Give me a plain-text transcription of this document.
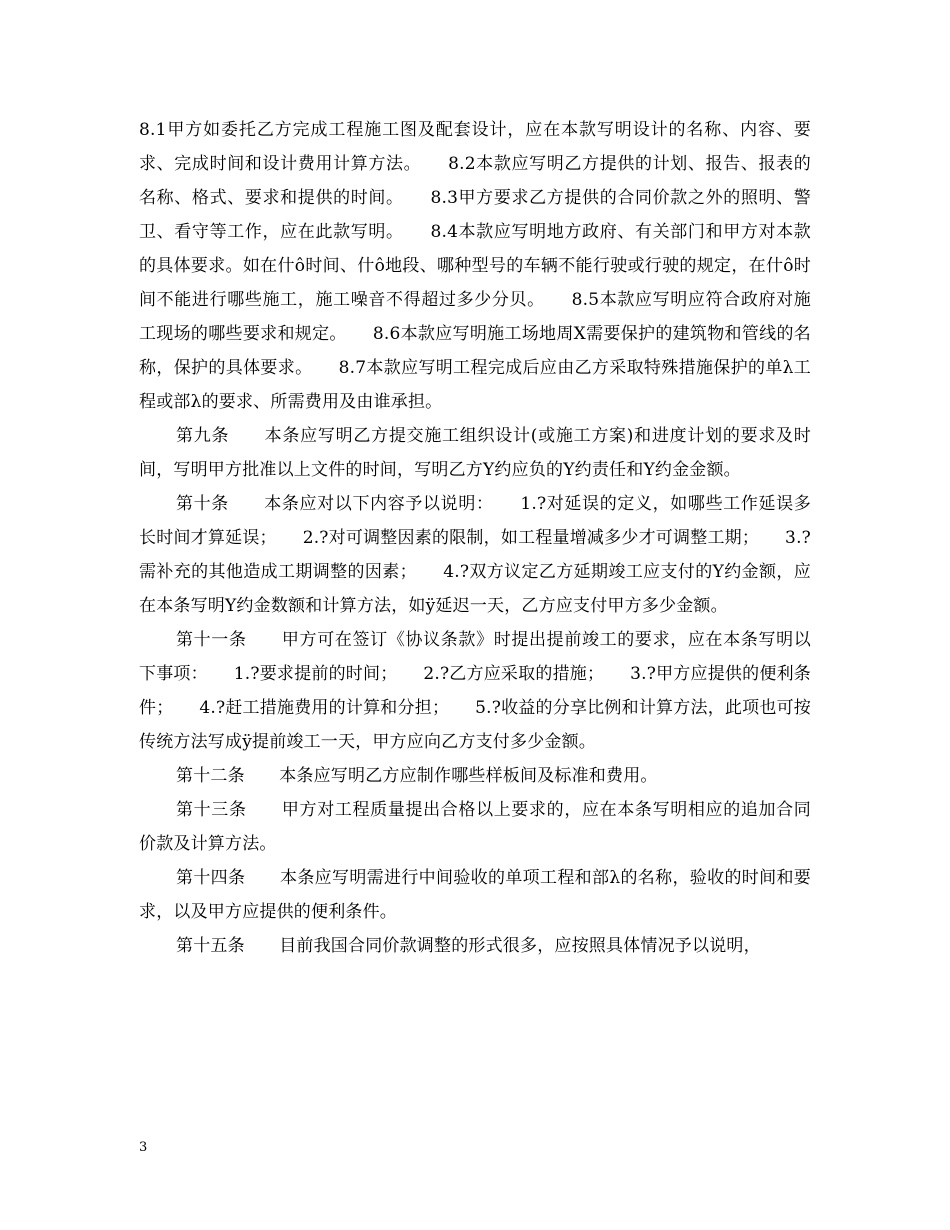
8.1甲方如委托乙方完成工程施工图及配套设计，应在本款写明设计的名称、内容、要求、完成时间和设计费用计算方法。　　8.2本款应写明乙方提供的计划、报告、报表的名称、格式、要求和提供的时间。　　8.3甲方要求乙方提供的合同价款之外的照明、警卫、看守等工作，应在此款写明。　　8.4本款应写明地方政府、有关部门和甲方对本款的具体要求。如在什ô时间、什ô地段、哪种型号的车辆不能行驶或行驶的规定，在什ô时间不能进行哪些施工，施工噪音不得超过多少分贝。　　8.5本款应写明应符合政府对施工现场的哪些要求和规定。　　8.6本款应写明施工场地周Χ需要保护的建筑物和管线的名称，保护的具体要求。　　8.7本款应写明工程完成后应由乙方采取特殊措施保护的单λ工程或部λ的要求、所需费用及由谁承担。

第九条　　本条应写明乙方提交施工组织设计(或施工方案)和进度计划的要求及时间，写明甲方批准以上文件的时间，写明乙方Υ约应负的Υ约责任和Υ约金金额。

第十条　　本条应对以下内容予以说明：　　1.?对延误的定义，如哪些工作延误多长时间才算延误；　　2.?对可调整因素的限制，如工程量增减多少才可调整工期；　　3.?需补充的其他造成工期调整的因素；　　4.?双方议定乙方延期竣工应支付的Υ约金额，应在本条写明Υ约金数额和计算方法，如ÿ延迟一天，乙方应支付甲方多少金额。

第十一条　　甲方可在签订《协议条款》时提出提前竣工的要求，应在本条写明以下事项：　　1.?要求提前的时间；　　2.?乙方应采取的措施；　　3.?甲方应提供的便利条件；　　4.?赶工措施费用的计算和分担；　　5.?收益的分享比例和计算方法，此项也可按传统方法写成ÿ提前竣工一天，甲方应向乙方支付多少金额。

第十二条　　本条应写明乙方应制作哪些样板间及标准和费用。

第十三条　　甲方对工程质量提出合格以上要求的，应在本条写明相应的追加合同价款及计算方法。

第十四条　　本条应写明需进行中间验收的单项工程和部λ的名称，验收的时间和要求，以及甲方应提供的便利条件。

第十五条　　目前我国合同价款调整的形式很多，应按照具体情况予以说明，

3
